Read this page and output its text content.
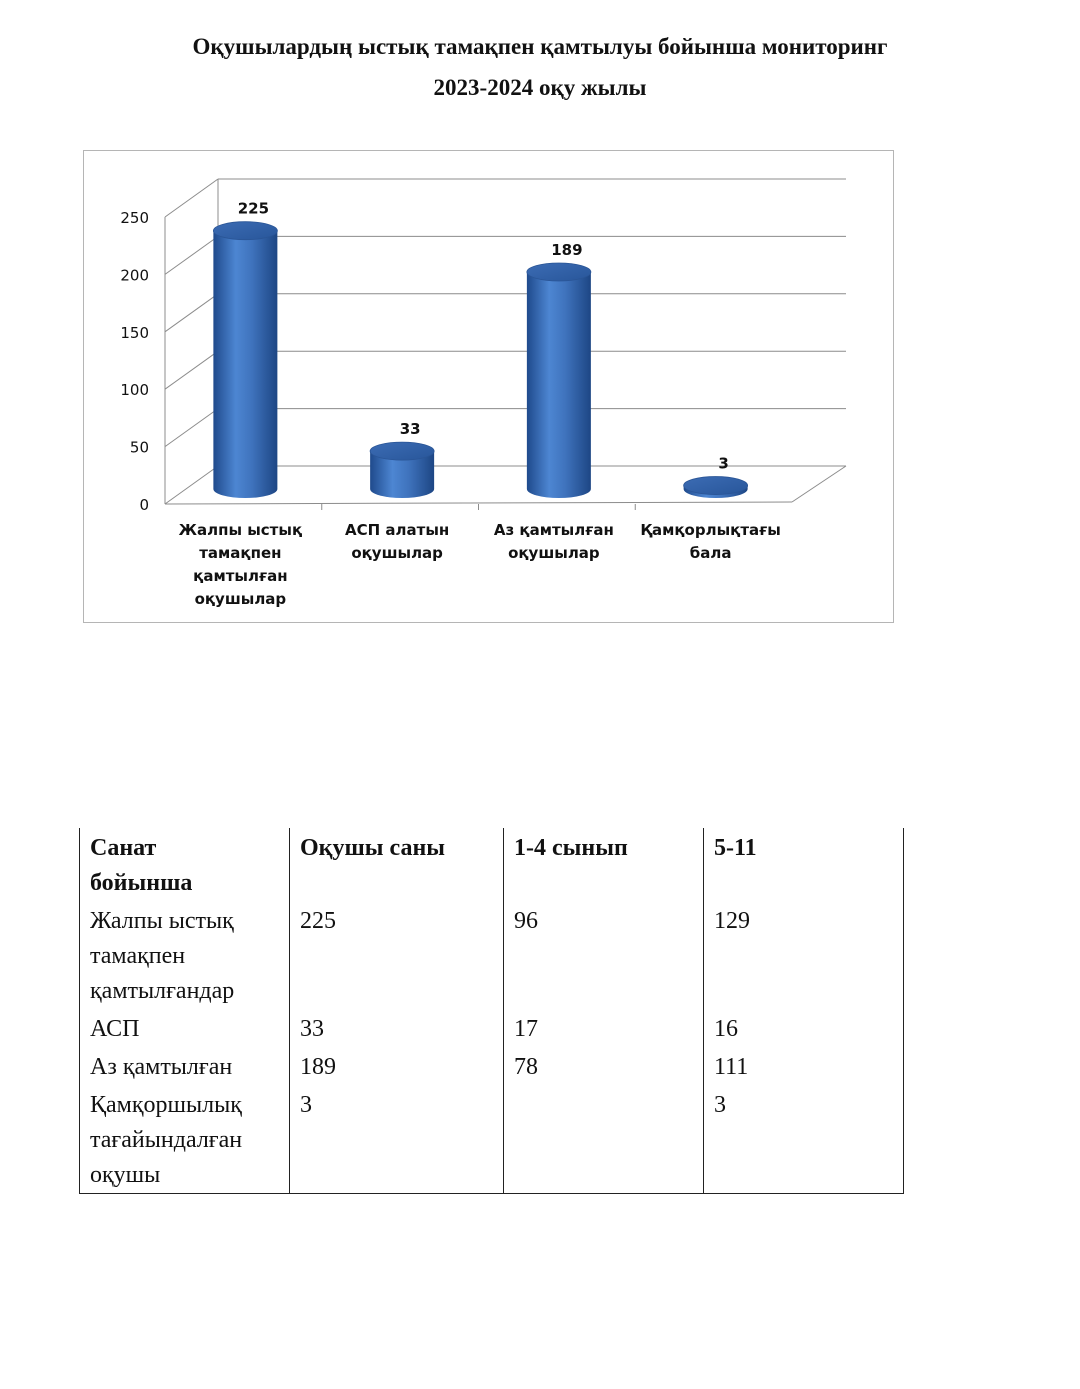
Оқушылардың ыстық тамақпен қамтылуы бойынша мониторинг
2023-2024 оқу жылы
0
50
100
150
200
250
225
Жалпы ыстық тамақпен қамтылған оқушылар
33
АСП алатын оқушылар
189
Аз қамтылған оқушылар
3
Қамқорлықтағы бала
Санат
бойынша	Оқушы саны	1-4 сынып	5-11
Жалпы ыстық
тамақпен
қамтылғандар	225	96	129
АСП	33	17	16
Аз қамтылған	189	78	111
Қамқоршылық
тағайындалған
оқушы	3		3
